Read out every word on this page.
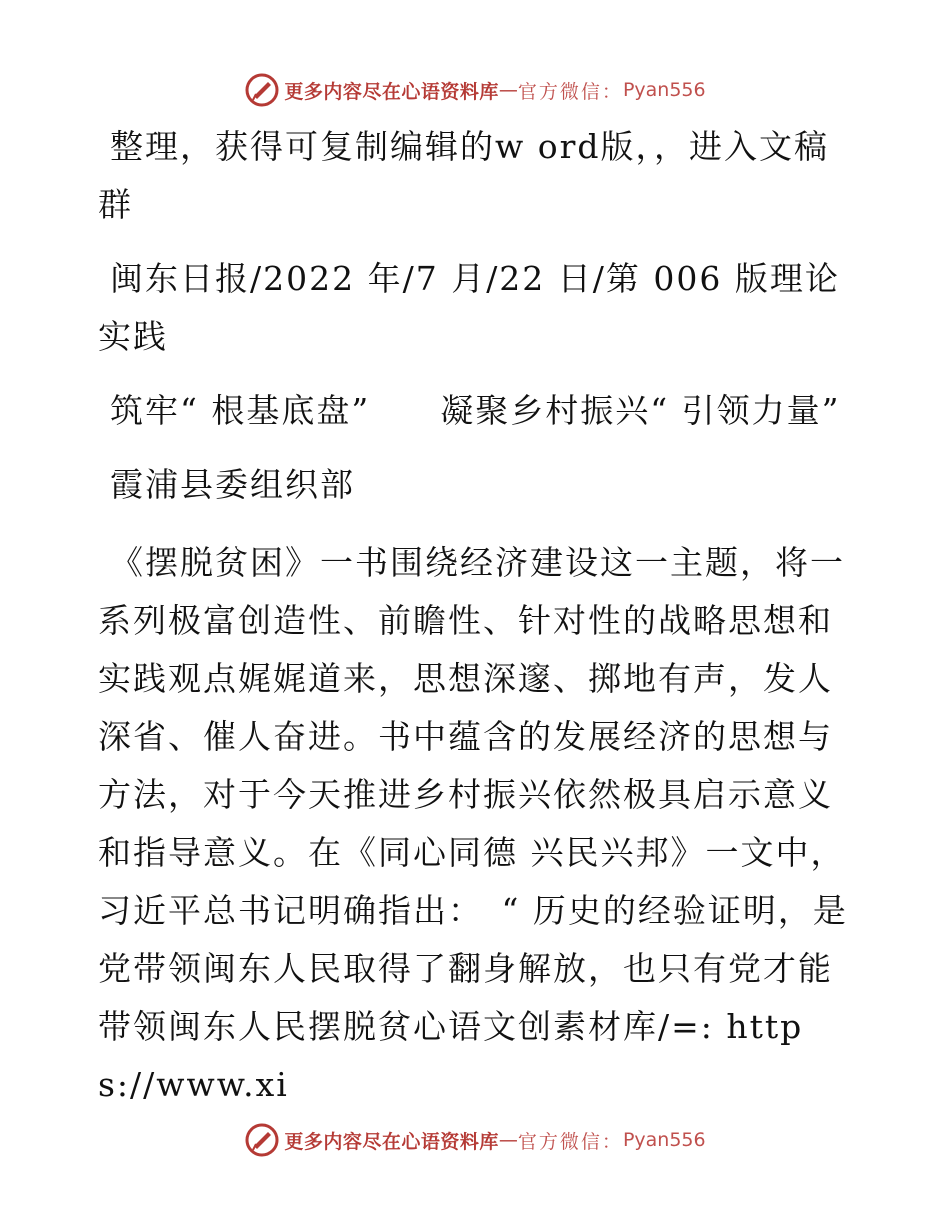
更多内容尽在心语资料库 — 官方微信： Pyan556

整理，获得可复制编辑的w ord版，，进入文稿群

闽东日报/2022 年/7 月/22 日/第 006 版理论实践

筑牢“ 根基底盘”　　凝聚乡村振兴“ 引领力量”

霞浦县委组织部

《摆脱贫困》一书围绕经济建设这一主题，将一系列极富创造性、前瞻性、针对性的战略思想和实践观点娓娓道来，思想深邃、掷地有声，发人深省、催人奋进。书中蕴含的发展经济的思想与方法，对于今天推进乡村振兴依然极具启示意义和指导意义。在《同心同德 兴民兴邦》一文中，习近平总书记明确指出：　“ 历史的经验证明，是党带领闽东人民取得了翻身解放，也只有党才能带领闽东人民摆脱贫心语文创素材库/=: https://www.xi

更多内容尽在心语资料库 — 官方微信： Pyan556
